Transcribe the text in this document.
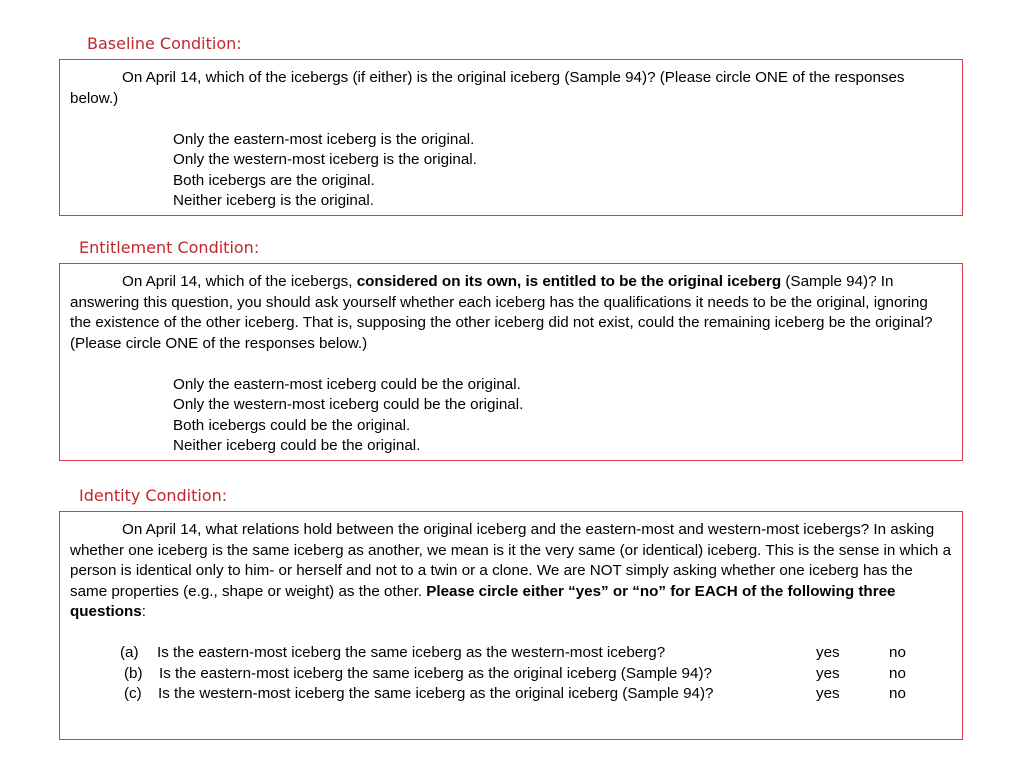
Baseline Condition:

On April 14, which of the icebergs (if either) is the original iceberg (Sample 94)? (Please circle ONE of the responses below.)

Only the eastern-most iceberg is the original.
Only the western-most iceberg is the original.
Both icebergs are the original.
Neither iceberg is the original.
Entitlement Condition:

On April 14, which of the icebergs, considered on its own, is entitled to be the original iceberg (Sample 94)? In answering this question, you should ask yourself whether each iceberg has the qualifications it needs to be the original, ignoring the existence of the other iceberg. That is, supposing the other iceberg did not exist, could the remaining iceberg be the original? (Please circle ONE of the responses below.)

Only the eastern-most iceberg could be the original.
Only the western-most iceberg could be the original.
Both icebergs could be the original.
Neither iceberg could be the original.
Identity Condition:

On April 14, what relations hold between the original iceberg and the eastern-most and western-most icebergs? In asking whether one iceberg is the same iceberg as another, we mean is it the very same (or identical) iceberg. This is the sense in which a person is identical only to him- or herself and not to a twin or a clone. We are NOT simply asking whether one iceberg has the same properties (e.g., shape or weight) as the other. Please circle either “yes” or “no” for EACH of the following three questions:

(a) Is the eastern-most iceberg the same iceberg as the western-most iceberg?	yes	no
(b) Is the eastern-most iceberg the same iceberg as the original iceberg (Sample 94)?	yes	no
(c) Is the western-most iceberg the same iceberg as the original iceberg (Sample 94)?	yes	no
